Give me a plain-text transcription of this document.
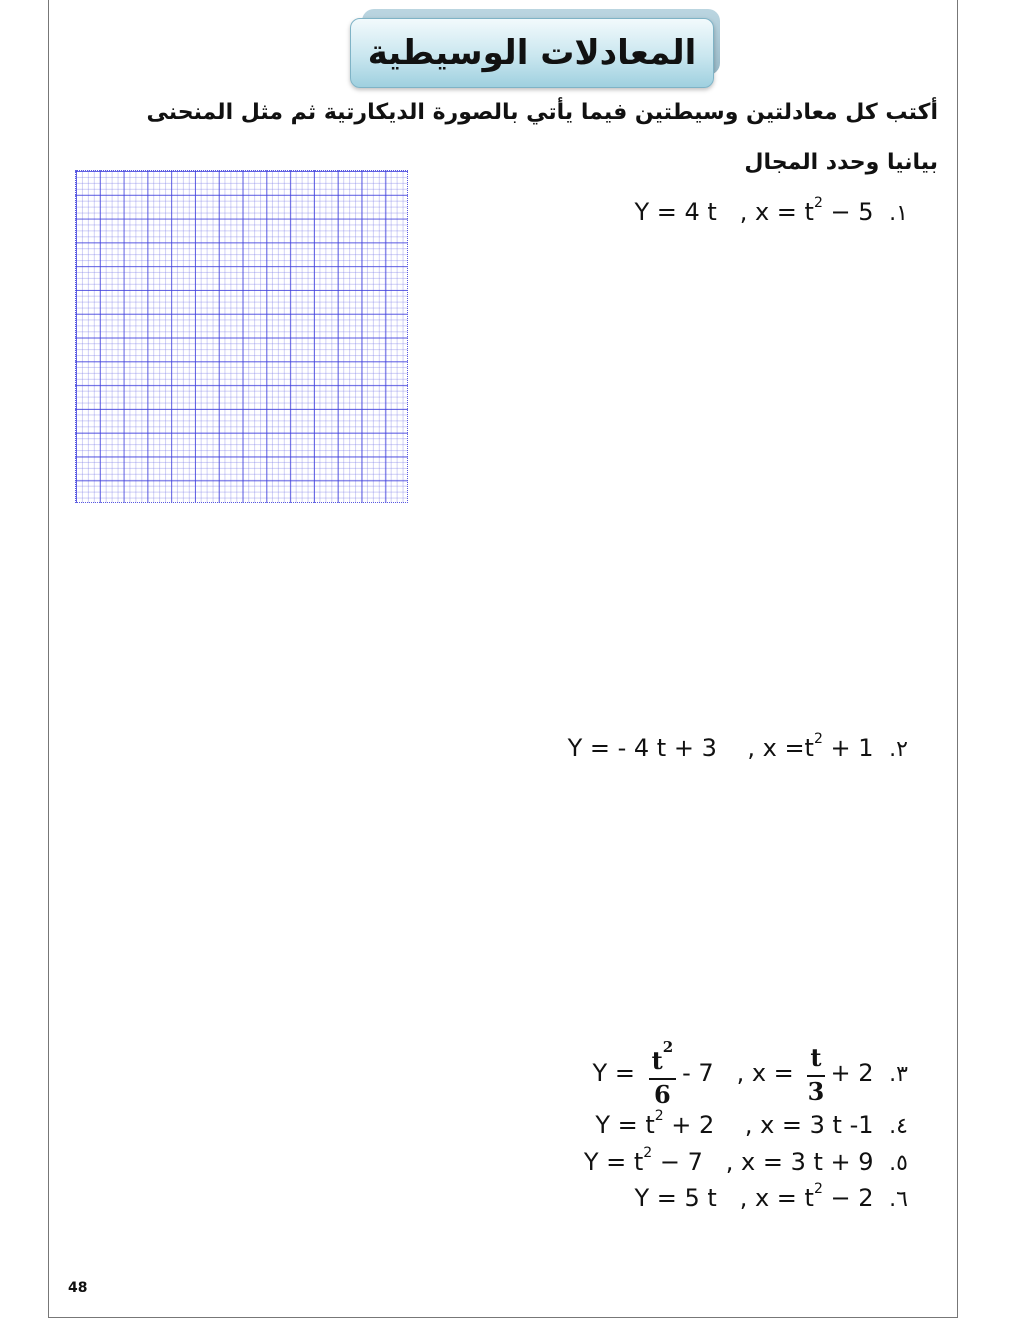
المعادلات الوسيطية
أكتب كل معادلتين وسيطتين فيما يأتي بالصورة الديكارتية ثم مثل المنحنى بيانيا وحدد المجال
Y = 4 t , $x = t^2 - 5$ .١
Y = - 4 t + 3 , $x =t^2 + 1$ .٢
$Y = \frac{t^2}{6} - 7$ , $x = \frac{t}{3} + 2$ .٣
$Y = t^2 + 2$ , x = 3 t -1 .٤
$Y = t^2 - 7$ , x = 3 t + 9 .٥
Y = 5 t , $x = t^2 - 2$ .٦
48
